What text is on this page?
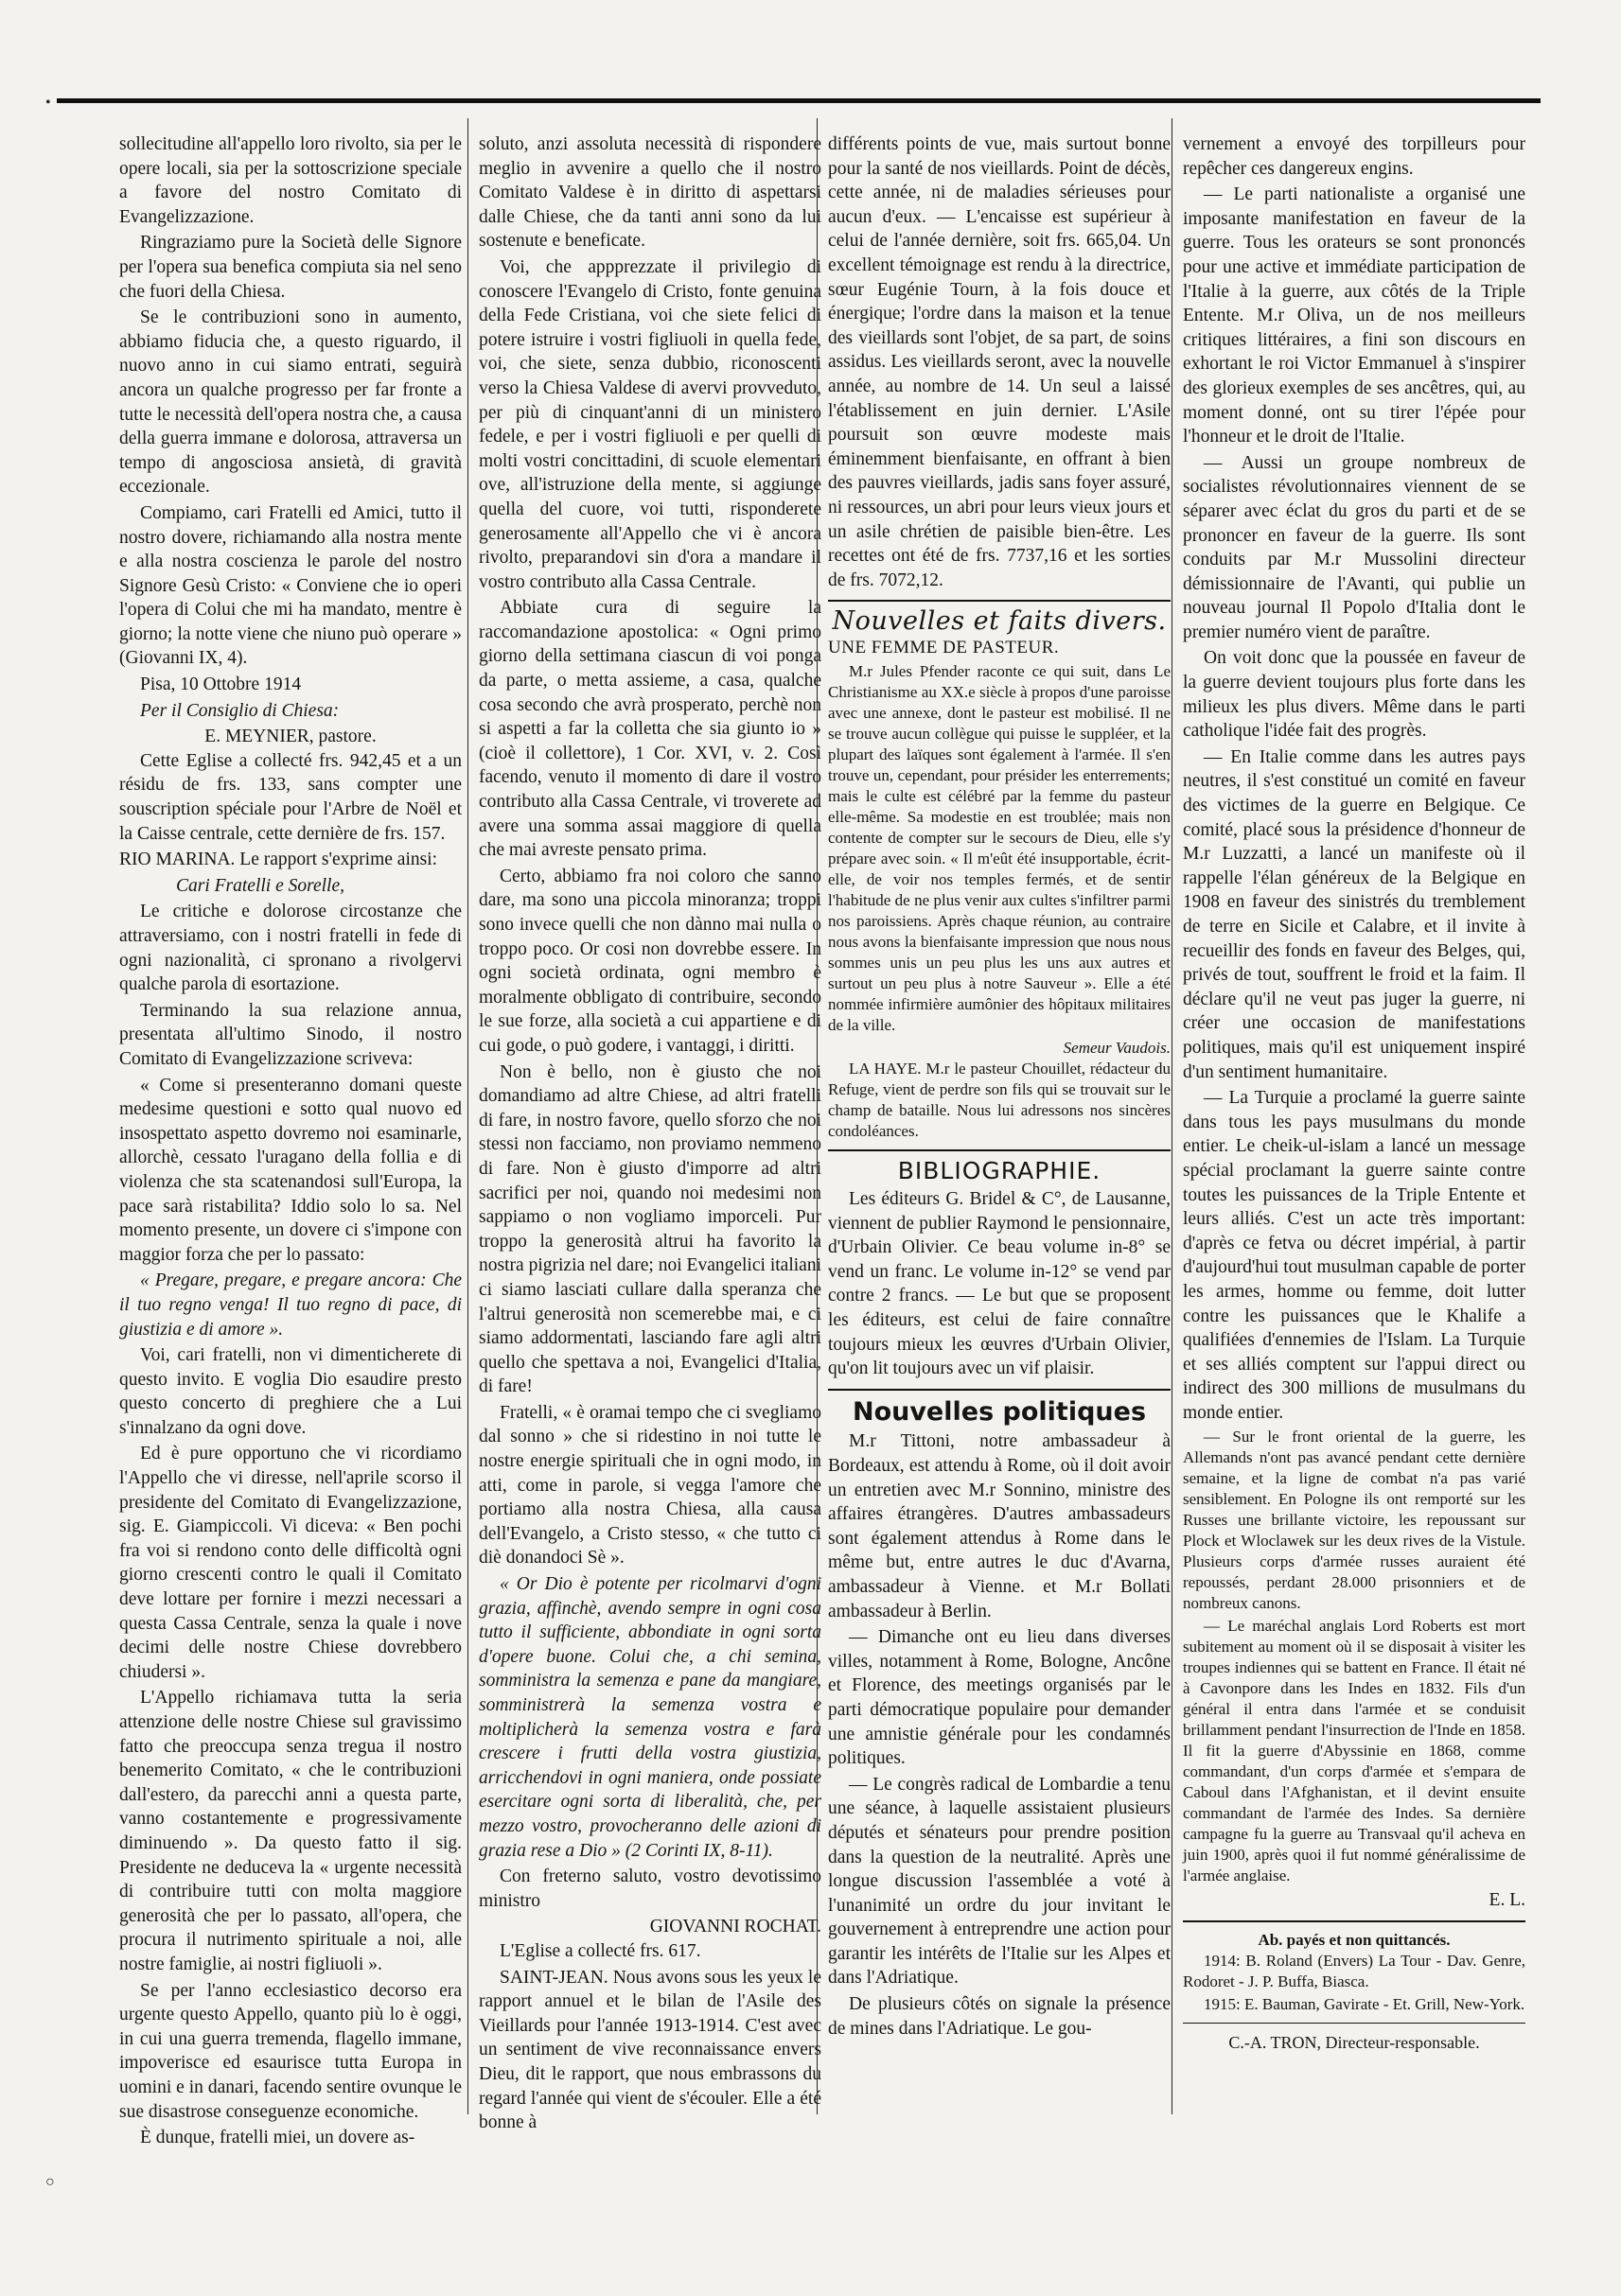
•
○

sollecitudine all'appello loro rivolto, sia per le opere locali, sia per la sottoscrizione speciale a favore del nostro Comitato di Evangelizzazione.

Ringraziamo pure la Società delle Signore per l'opera sua benefica compiuta sia nel seno che fuori della Chiesa.

Se le contribuzioni sono in aumento, abbiamo fiducia che, a questo riguardo, il nuovo anno in cui siamo entrati, seguirà ancora un qualche progresso per far fronte a tutte le necessità dell'opera nostra che, a causa della guerra immane e dolorosa, attraversa un tempo di angosciosa ansietà, di gravità eccezionale.

Compiamo, cari Fratelli ed Amici, tutto il nostro dovere, richiamando alla nostra mente e alla nostra coscienza le parole del nostro Signore Gesù Cristo: « Conviene che io operi l'opera di Colui che mi ha mandato, mentre è giorno; la notte viene che niuno può operare » (Giovanni IX, 4).

Pisa, 10 Ottobre 1914

Per il Consiglio di Chiesa:

E. MEYNIER, pastore.

Cette Eglise a collecté frs. 942,45 et a un résidu de frs. 133, sans compter une souscription spéciale pour l'Arbre de Noël et la Caisse centrale, cette dernière de frs. 157.

RIO MARINA. Le rapport s'exprime ainsi:

Cari Fratelli e Sorelle,

Le critiche e dolorose circostanze che attraversiamo, con i nostri fratelli in fede di ogni nazionalità, ci spronano a rivolgervi qualche parola di esortazione.

Terminando la sua relazione annua, presentata all'ultimo Sinodo, il nostro Comitato di Evangelizzazione scriveva:

« Come si presenteranno domani queste medesime questioni e sotto qual nuovo ed insospettato aspetto dovremo noi esaminarle, allorchè, cessato l'uragano della follia e di violenza che sta scatenandosi sull'Europa, la pace sarà ristabilita? Iddio solo lo sa. Nel momento presente, un dovere ci s'impone con maggior forza che per lo passato:

« Pregare, pregare, e pregare ancora: Che il tuo regno venga! Il tuo regno di pace, di giustizia e di amore ».

Voi, cari fratelli, non vi dimenticherete di questo invito. E voglia Dio esaudire presto questo concerto di preghiere che a Lui s'innalzano da ogni dove.

Ed è pure opportuno che vi ricordiamo l'Appello che vi diresse, nell'aprile scorso il presidente del Comitato di Evangelizzazione, sig. E. Giampiccoli. Vi diceva: « Ben pochi fra voi si rendono conto delle difficoltà ogni giorno crescenti contro le quali il Comitato deve lottare per fornire i mezzi necessari a questa Cassa Centrale, senza la quale i nove decimi delle nostre Chiese dovrebbero chiudersi ».

L'Appello richiamava tutta la seria attenzione delle nostre Chiese sul gravissimo fatto che preoccupa senza tregua il nostro benemerito Comitato, « che le contribuzioni dall'estero, da parecchi anni a questa parte, vanno costantemente e progressivamente diminuendo ». Da questo fatto il sig. Presidente ne deduceva la « urgente necessità di contribuire tutti con molta maggiore generosità che per lo passato, all'opera, che procura il nutrimento spirituale a noi, alle nostre famiglie, ai nostri figliuoli ».

Se per l'anno ecclesiastico decorso era urgente questo Appello, quanto più lo è oggi, in cui una guerra tremenda, flagello immane, impoverisce ed esaurisce tutta Europa in uomini e in danari, facendo sentire ovunque le sue disastrose conseguenze economiche.

È dunque, fratelli miei, un dovere as-

soluto, anzi assoluta necessità di rispondere meglio in avvenire a quello che il nostro Comitato Valdese è in diritto di aspettarsi dalle Chiese, che da tanti anni sono da lui sostenute e beneficate.

Voi, che appprezzate il privilegio di conoscere l'Evangelo di Cristo, fonte genuina della Fede Cristiana, voi che siete felici di potere istruire i vostri figliuoli in quella fede, voi, che siete, senza dubbio, riconoscenti verso la Chiesa Valdese di avervi provveduto, per più di cinquant'anni di un ministero fedele, e per i vostri figliuoli e per quelli di molti vostri concittadini, di scuole elementari ove, all'istruzione della mente, si aggiunge quella del cuore, voi tutti, risponderete generosamente all'Appello che vi è ancora rivolto, preparandovi sin d'ora a mandare il vostro contributo alla Cassa Centrale.

Abbiate cura di seguire la raccomandazione apostolica: « Ogni primo giorno della settimana ciascun di voi ponga da parte, o metta assieme, a casa, qualche cosa secondo che avrà prosperato, perchè non si aspetti a far la colletta che sia giunto io » (cioè il collettore), 1 Cor. XVI, v. 2. Così facendo, venuto il momento di dare il vostro contributo alla Cassa Centrale, vi troverete ad avere una somma assai maggiore di quella che mai avreste pensato prima.

Certo, abbiamo fra noi coloro che sanno dare, ma sono una piccola minoranza; troppi sono invece quelli che non dànno mai nulla o troppo poco. Or cosi non dovrebbe essere. In ogni società ordinata, ogni membro è moralmente obbligato di contribuire, secondo le sue forze, alla società a cui appartiene e di cui gode, o può godere, i vantaggi, i diritti.

Non è bello, non è giusto che noi domandiamo ad altre Chiese, ad altri fratelli di fare, in nostro favore, quello sforzo che noi stessi non facciamo, non proviamo nemmeno di fare. Non è giusto d'imporre ad altri sacrifici per noi, quando noi medesimi non sappiamo o non vogliamo imporceli. Pur troppo la generosità altrui ha favorito la nostra pigrizia nel dare; noi Evangelici italiani ci siamo lasciati cullare dalla speranza che l'altrui generosità non scemerebbe mai, e ci siamo addormentati, lasciando fare agli altri quello che spettava a noi, Evangelici d'Italia, di fare!

Fratelli, « è oramai tempo che ci svegliamo dal sonno » che si ridestino in noi tutte le nostre energie spirituali che in ogni modo, in atti, come in parole, si vegga l'amore che portiamo alla nostra Chiesa, alla causa dell'Evangelo, a Cristo stesso, « che tutto ci diè donandoci Sè ».

« Or Dio è potente per ricolmarvi d'ogni grazia, affinchè, avendo sempre in ogni cosa tutto il sufficiente, abbondiate in ogni sorta d'opere buone. Colui che, a chi semina, somministra la semenza e pane da mangiare, somministrerà la semenza vostra e moltiplicherà la semenza vostra e farà crescere i frutti della vostra giustizia, arricchendovi in ogni maniera, onde possiate esercitare ogni sorta di liberalità, che, per mezzo vostro, provocheranno delle azioni di grazia rese a Dio » (2 Corinti IX, 8-11).

Con freterno saluto, vostro devotissimo ministro

GIOVANNI ROCHAT.

L'Eglise a collecté frs. 617.

SAINT-JEAN. Nous avons sous les yeux le rapport annuel et le bilan de l'Asile des Vieillards pour l'année 1913-1914. C'est avec un sentiment de vive reconnaissance envers Dieu, dit le rapport, que nous embrassons du regard l'année qui vient de s'écouler. Elle a été bonne à

différents points de vue, mais surtout bonne pour la santé de nos vieillards. Point de décès, cette année, ni de maladies sérieuses pour aucun d'eux. — L'encaisse est supérieur à celui de l'année dernière, soit frs. 665,04. Un excellent témoignage est rendu à la directrice, sœur Eugénie Tourn, à la fois douce et énergique; l'ordre dans la maison et la tenue des vieillards sont l'objet, de sa part, de soins assidus. Les vieillards seront, avec la nouvelle année, au nombre de 14. Un seul a laissé l'établissement en juin dernier. L'Asile poursuit son œuvre modeste mais éminemment bienfaisante, en offrant à bien des pauvres vieillards, jadis sans foyer assuré, ni ressources, un abri pour leurs vieux jours et un asile chrétien de paisible bien-être. Les recettes ont été de frs. 7737,16 et les sorties de frs. 7072,12.

Nouvelles et faits divers.

UNE FEMME DE PASTEUR.

M.r Jules Pfender raconte ce qui suit, dans Le Christianisme au XX.e siècle à propos d'une paroisse avec une annexe, dont le pasteur est mobilisé. Il ne se trouve aucun collègue qui puisse le suppléer, et la plupart des laïques sont également à l'armée. Il s'en trouve un, cependant, pour présider les enterrements; mais le culte est célébré par la femme du pasteur elle-même. Sa modestie en est troublée; mais non contente de compter sur le secours de Dieu, elle s'y prépare avec soin. « Il m'eût été insupportable, écrit-elle, de voir nos temples fermés, et de sentir l'habitude de ne plus venir aux cultes s'infiltrer parmi nos paroissiens. Après chaque réunion, au contraire nous avons la bienfaisante impression que nous nous sommes unis un peu plus les uns aux autres et surtout un peu plus à notre Sauveur ». Elle a été nommée infirmière aumônier des hôpitaux militaires de la ville.

Semeur Vaudois.

LA HAYE. M.r le pasteur Chouillet, rédacteur du Refuge, vient de perdre son fils qui se trouvait sur le champ de bataille. Nous lui adressons nos sincères condoléances.

BIBLIOGRAPHIE.

Les éditeurs G. Bridel & C°, de Lausanne, viennent de publier Raymond le pensionnaire, d'Urbain Olivier. Ce beau volume in-8° se vend un franc. Le volume in-12° se vend par contre 2 francs. — Le but que se proposent les éditeurs, est celui de faire connaître toujours mieux les œuvres d'Urbain Olivier, qu'on lit toujours avec un vif plaisir.

Nouvelles politiques

M.r Tittoni, notre ambassadeur à Bordeaux, est attendu à Rome, où il doit avoir un entretien avec M.r Sonnino, ministre des affaires étrangères. D'autres ambassadeurs sont également attendus à Rome dans le même but, entre autres le duc d'Avarna, ambassadeur à Vienne. et M.r Bollati ambassadeur à Berlin.

— Dimanche ont eu lieu dans diverses villes, notamment à Rome, Bologne, Ancône et Florence, des meetings organisés par le parti démocratique populaire pour demander une amnistie générale pour les condamnés politiques.

— Le congrès radical de Lombardie a tenu une séance, à laquelle assistaient plusieurs députés et sénateurs pour prendre position dans la question de la neutralité. Après une longue discussion l'assemblée a voté à l'unanimité un ordre du jour invitant le gouvernement à entreprendre une action pour garantir les intérêts de l'Italie sur les Alpes et dans l'Adriatique.

De plusieurs côtés on signale la présence de mines dans l'Adriatique. Le gou-

vernement a envoyé des torpilleurs pour repêcher ces dangereux engins.

— Le parti nationaliste a organisé une imposante manifestation en faveur de la guerre. Tous les orateurs se sont prononcés pour une active et immédiate participation de l'Italie à la guerre, aux côtés de la Triple Entente. M.r Oliva, un de nos meilleurs critiques littéraires, a fini son discours en exhortant le roi Victor Emmanuel à s'inspirer des glorieux exemples de ses ancêtres, qui, au moment donné, ont su tirer l'épée pour l'honneur et le droit de l'Italie.

— Aussi un groupe nombreux de socialistes révolutionnaires viennent de se séparer avec éclat du gros du parti et de se prononcer en faveur de la guerre. Ils sont conduits par M.r Mussolini directeur démissionnaire de l'Avanti, qui publie un nouveau journal Il Popolo d'Italia dont le premier numéro vient de paraître.

On voit donc que la poussée en faveur de la guerre devient toujours plus forte dans les milieux les plus divers. Même dans le parti catholique l'idée fait des progrès.

— En Italie comme dans les autres pays neutres, il s'est constitué un comité en faveur des victimes de la guerre en Belgique. Ce comité, placé sous la présidence d'honneur de M.r Luzzatti, a lancé un manifeste où il rappelle l'élan généreux de la Belgique en 1908 en faveur des sinistrés du tremblement de terre en Sicile et Calabre, et il invite à recueillir des fonds en faveur des Belges, qui, privés de tout, souffrent le froid et la faim. Il déclare qu'il ne veut pas juger la guerre, ni créer une occasion de manifestations politiques, mais qu'il est uniquement inspiré d'un sentiment humanitaire.

— La Turquie a proclamé la guerre sainte dans tous les pays musulmans du monde entier. Le cheik-ul-islam a lancé un message spécial proclamant la guerre sainte contre toutes les puissances de la Triple Entente et leurs alliés. C'est un acte très important: d'après ce fetva ou décret impérial, à partir d'aujourd'hui tout musulman capable de porter les armes, homme ou femme, doit lutter contre les puissances que le Khalife a qualifiées d'ennemies de l'Islam. La Turquie et ses alliés comptent sur l'appui direct ou indirect des 300 millions de musulmans du monde entier.

— Sur le front oriental de la guerre, les Allemands n'ont pas avancé pendant cette dernière semaine, et la ligne de combat n'a pas varié sensiblement. En Pologne ils ont remporté sur les Russes une brillante victoire, les repoussant sur Plock et Wloclawek sur les deux rives de la Vistule. Plusieurs corps d'armée russes auraient été repoussés, perdant 28.000 prisonniers et de nombreux canons.

— Le maréchal anglais Lord Roberts est mort subitement au moment où il se disposait à visiter les troupes indiennes qui se battent en France. Il était né à Cavonpore dans les Indes en 1832. Fils d'un général il entra dans l'armée et se conduisit brillamment pendant l'insurrection de l'Inde en 1858. Il fit la guerre d'Abyssinie en 1868, comme commandant, d'un corps d'armée et s'empara de Caboul dans l'Afghanistan, et il devint ensuite commandant de l'armée des Indes. Sa dernière campagne fu la guerre au Transvaal qu'il acheva en juin 1900, après quoi il fut nommé généralissime de l'armée anglaise.

E. L.

Ab. payés et non quittancés.

1914: B. Roland (Envers) La Tour - Dav. Genre, Rodoret - J. P. Buffa, Biasca.

1915: E. Bauman, Gavirate - Et. Grill, New-York.

C.-A. TRON, Directeur-responsable.
